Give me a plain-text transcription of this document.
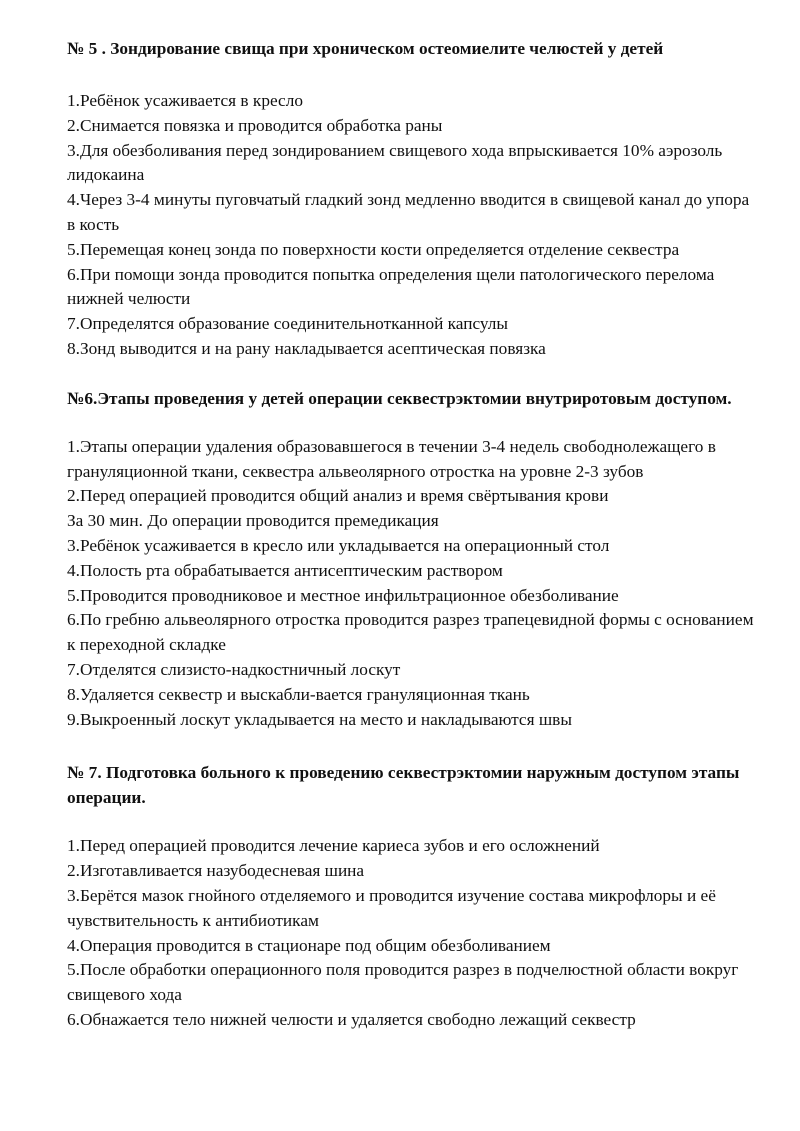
№ 5 . Зондирование свища при хроническом остеомиелите челюстей у детей
1.Ребёнок усаживается в кресло
2.Снимается повязка и проводится обработка раны
3.Для обезболивания перед зондированием свищевого хода впрыскивается 10% аэрозоль лидокаина
4.Через 3-4 минуты пуговчатый гладкий зонд медленно вводится в свищевой канал до упора в кость
5.Перемещая конец зонда по поверхности кости определяется отделение секвестра
6.При помощи зонда проводится попытка определения щели патологического перелома нижней челюсти
7.Определятся образование соединительнотканной капсулы
8.Зонд выводится и на рану накладывается асептическая повязка
№6.Этапы проведения у детей операции секвестрэктомии внутриротовым доступом.
1.Этапы операции удаления образовавшегося в течении 3-4 недель свободнолежащего в грануляционной ткани, секвестра альвеолярного отростка на уровне 2-3 зубов
2.Перед операцией проводится общий анализ и время свёртывания крови
За 30 мин. До операции проводится премедикация
3.Ребёнок усаживается в кресло или укладывается на операционный стол
4.Полость рта обрабатывается антисептическим раствором
5.Проводится проводниковое и местное инфильтрационное обезболивание
6.По гребню альвеолярного отростка проводится разрез трапецевидной формы с основанием к переходной складке
7.Отделятся слизисто-надкостничный лоскут
8.Удаляется секвестр и выскабли-вается грануляционная ткань
9.Выкроенный лоскут укладывается на место и накладываются швы
№ 7. Подготовка больного к проведению секвестрэктомии наружным доступом этапы операции.
1.Перед операцией проводится лечение кариеса зубов и его осложнений
2.Изготавливается назубодесневая шина
3.Берётся мазок гнойного отделяемого и проводится изучение состава микрофлоры и её чувствительность к антибиотикам
4.Операция проводится в стационаре под общим обезболиванием
5.После обработки операционного поля проводится разрез в подчелюстной области вокруг свищевого хода
6.Обнажается тело нижней челюсти и удаляется свободно лежащий секвестр
